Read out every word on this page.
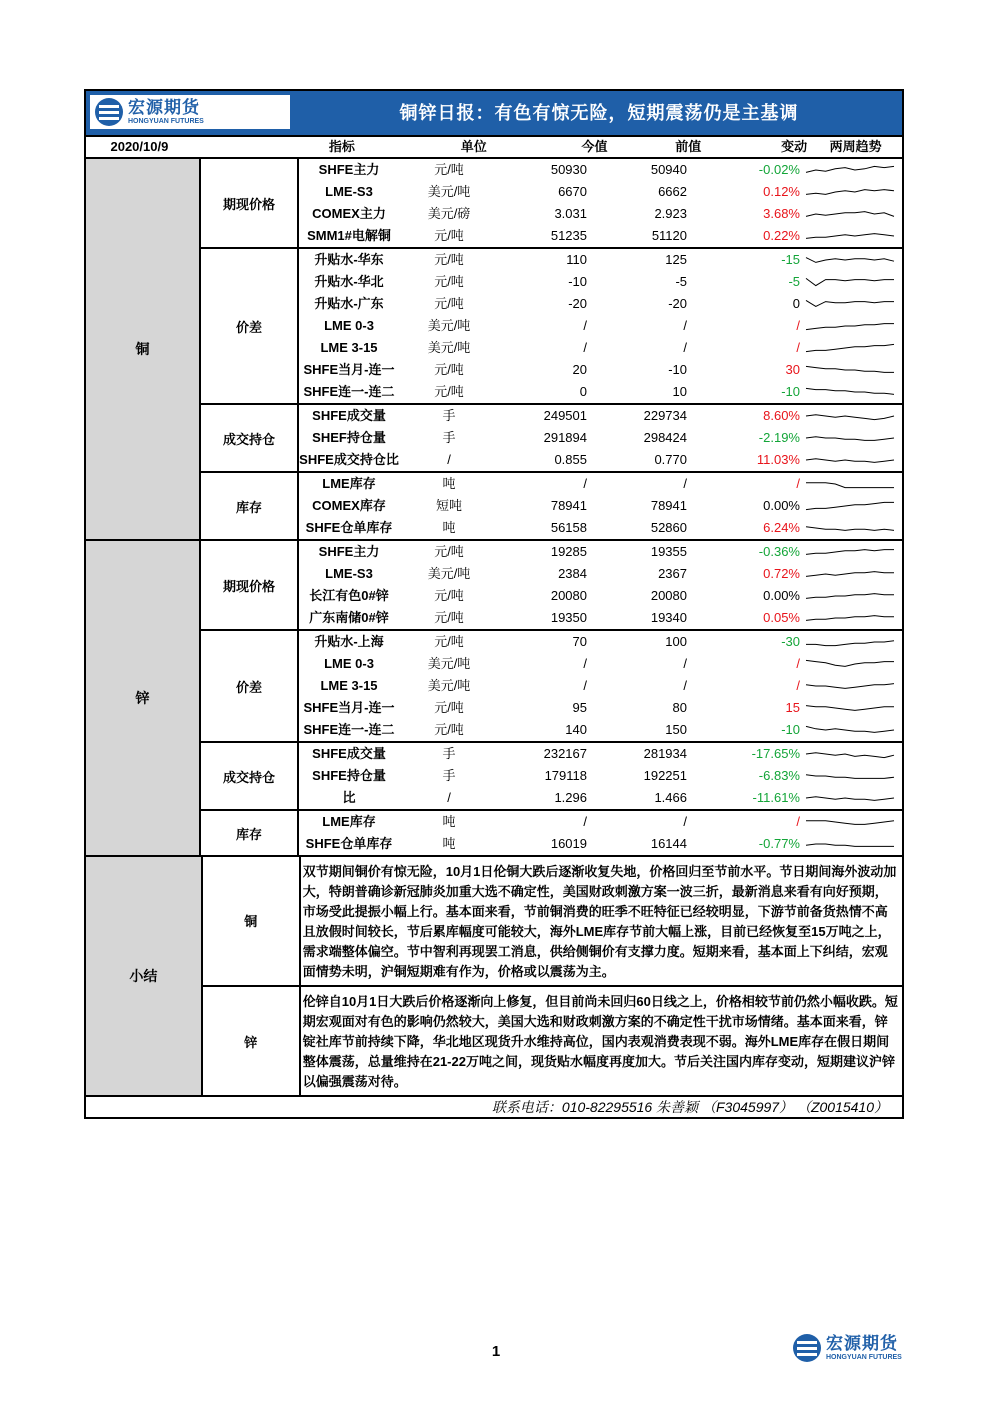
宏源期货
HONGYUAN FUTURES	铜锌日报：有色有惊无险，短期震荡仍是主基调
2020/10/9	指标	单位	今值	前值	变动	两周趋势
铜
期现价格
SHFE主力	元/吨	50930	50940	-0.02%
LME-S3	美元/吨	6670	6662	0.12%
COMEX主力	美元/磅	3.031	2.923	3.68%
SMM1#电解铜	元/吨	51235	51120	0.22%
价差
升贴水-华东	元/吨	110	125	-15
升贴水-华北	元/吨	-10	-5	-5
升贴水-广东	元/吨	-20	-20	0
LME 0-3	美元/吨	/	/	/
LME 3-15	美元/吨	/	/	/
SHFE当月-连一	元/吨	20	-10	30
SHFE连一-连二	元/吨	0	10	-10
成交持仓
SHFE成交量	手	249501	229734	8.60%
SHEF持仓量	手	291894	298424	-2.19%
SHFE成交持仓比	/	0.855	0.770	11.03%
库存
LME库存	吨	/	/	/
COMEX库存	短吨	78941	78941	0.00%
SHFE仓单库存	吨	56158	52860	6.24%
锌
期现价格
SHFE主力	元/吨	19285	19355	-0.36%
LME-S3	美元/吨	2384	2367	0.72%
长江有色0#锌	元/吨	20080	20080	0.00%
广东南储0#锌	元/吨	19350	19340	0.05%
价差
升贴水-上海	元/吨	70	100	-30
LME 0-3	美元/吨	/	/	/
LME 3-15	美元/吨	/	/	/
SHFE当月-连一	元/吨	95	80	15
SHFE连一-连二	元/吨	140	150	-10
成交持仓
SHFE成交量	手	232167	281934	-17.65%
SHFE持仓量	手	179118	192251	-6.83%
比	/	1.296	1.466	-11.61%
库存
LME库存	吨	/	/	/
SHFE仓单库存	吨	16019	16144	-0.77%
小结
铜
双节期间铜价有惊无险，10月1日伦铜大跌后逐渐收复失地，价格回归至节前水平。节日期间海外波动加大，特朗普确诊新冠肺炎加重大选不确定性，美国财政刺激方案一波三折，最新消息来看有向好预期，市场受此提振小幅上行。基本面来看，节前铜消费的旺季不旺特征已经较明显，下游节前备货热情不高且放假时间较长，节后累库幅度可能较大，海外LME库存节前大幅上涨，目前已经恢复至15万吨之上，需求端整体偏空。节中智利再现罢工消息，供给侧铜价有支撑力度。短期来看，基本面上下纠结，宏观面情势未明，沪铜短期难有作为，价格或以震荡为主。
锌
伦锌自10月1日大跌后价格逐渐向上修复，但目前尚未回归60日线之上，价格相较节前仍然小幅收跌。短期宏观面对有色的影响仍然较大，美国大选和财政刺激方案的不确定性干扰市场情绪。基本面来看，锌锭社库节前持续下降，华北地区现货升水维持高位，国内表观消费表现不弱。海外LME库存在假日期间整体震荡，总量维持在21-22万吨之间，现货贴水幅度再度加大。节后关注国内库存变动，短期建议沪锌以偏强震荡对待。
联系电话：010-82295516 朱善颖 （F3045997） （Z0015410）
1	宏源期货
HONGYUAN FUTURES
